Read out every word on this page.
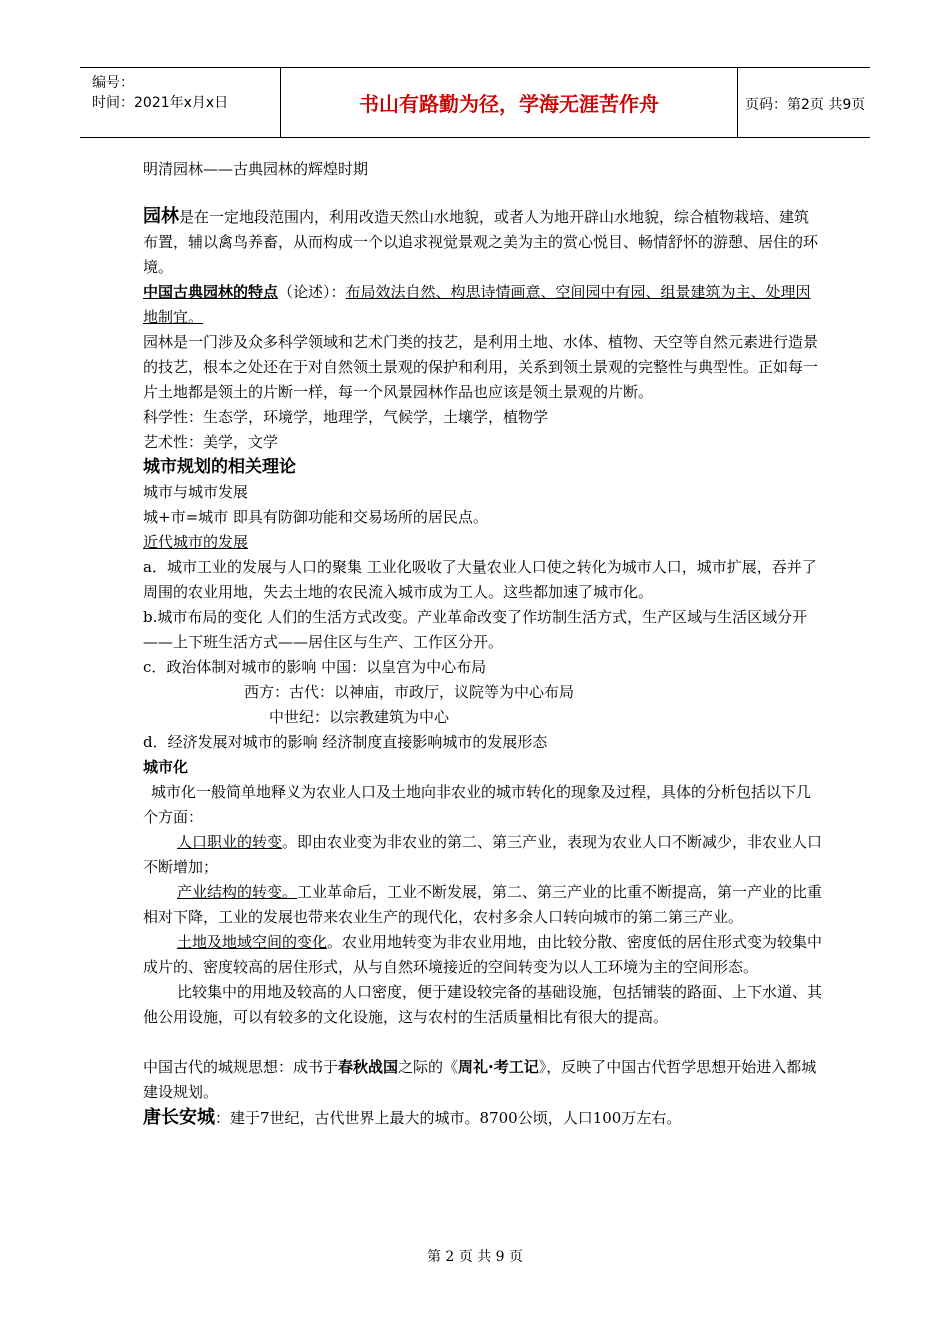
编号：
时间：2021年x月x日	书山有路勤为径，学海无涯苦作舟	页码：第2页 共9页

明清园林——古典园林的辉煌时期

园林是在一定地段范围内，利用改造天然山水地貌，或者人为地开辟山水地貌，综合植物栽培、建筑布置，辅以禽鸟养畜，从而构成一个以追求视觉景观之美为主的赏心悦目、畅情舒怀的游憩、居住的环境。

中国古典园林的特点（论述）：布局效法自然、构思诗情画意、空间园中有园、组景建筑为主、处理因地制宜。

园林是一门涉及众多科学领域和艺术门类的技艺，是利用土地、水体、植物、天空等自然元素进行造景的技艺，根本之处还在于对自然领土景观的保护和利用，关系到领土景观的完整性与典型性。正如每一片土地都是领土的片断一样，每一个风景园林作品也应该是领土景观的片断。

科学性：生态学，环境学，地理学，气候学，土壤学，植物学

艺术性：美学，文学

城市规划的相关理论

城市与城市发展

城+市=城市 即具有防御功能和交易场所的居民点。

近代城市的发展

a．城市工业的发展与人口的聚集 工业化吸收了大量农业人口使之转化为城市人口，城市扩展，吞并了周围的农业用地，失去土地的农民流入城市成为工人。这些都加速了城市化。

b.城市布局的变化 人们的生活方式改变。产业革命改变了作坊制生活方式，生产区域与生活区域分开——上下班生活方式——居住区与生产、工作区分开。

c．政治体制对城市的影响 中国：以皇宫为中心布局

西方：古代：以神庙，市政厅，议院等为中心布局

中世纪：以宗教建筑为中心

d．经济发展对城市的影响 经济制度直接影响城市的发展形态

城市化

城市化一般简单地释义为农业人口及土地向非农业的城市转化的现象及过程，具体的分析包括以下几个方面：

人口职业的转变。即由农业变为非农业的第二、第三产业，表现为农业人口不断减少，非农业人口不断增加；

产业结构的转变。工业革命后，工业不断发展，第二、第三产业的比重不断提高，第一产业的比重相对下降，工业的发展也带来农业生产的现代化，农村多余人口转向城市的第二第三产业。

土地及地域空间的变化。农业用地转变为非农业用地，由比较分散、密度低的居住形式变为较集中成片的、密度较高的居住形式，从与自然环境接近的空间转变为以人工环境为主的空间形态。

比较集中的用地及较高的人口密度，便于建设较完备的基础设施，包括铺装的路面、上下水道、其他公用设施，可以有较多的文化设施，这与农村的生活质量相比有很大的提高。

中国古代的城规思想：成书于春秋战国之际的《周礼·考工记》，反映了中国古代哲学思想开始进入都城建设规划。

唐长安城：建于7世纪，古代世界上最大的城市。8700公顷，人口100万左右。

第 2 页 共 9 页
